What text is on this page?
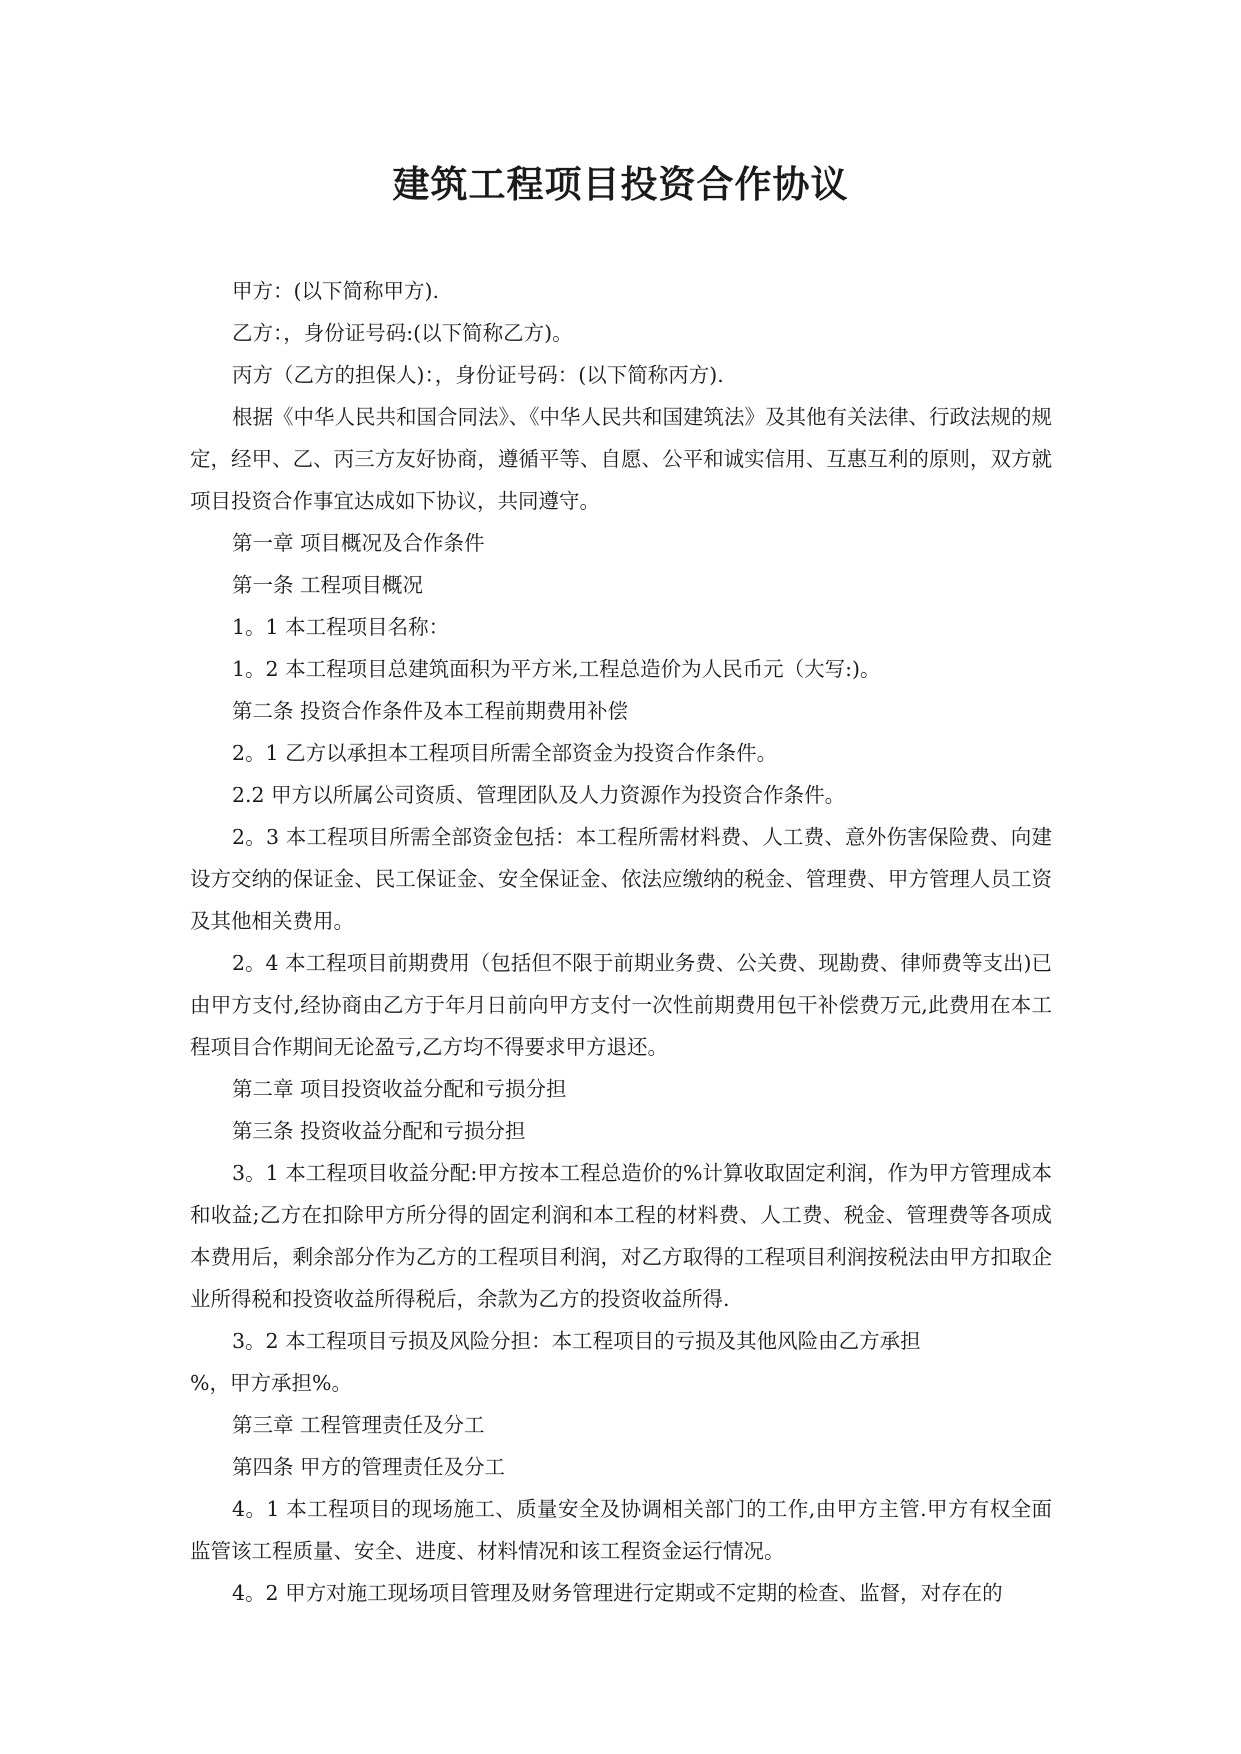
建筑工程项目投资合作协议

甲方：(以下简称甲方).

乙方：，身份证号码:(以下简称乙方)。

丙方（乙方的担保人)：，身份证号码：(以下简称丙方).

根据《中华人民共和国合同法》、《中华人民共和国建筑法》及其他有关法律、行政法规的规定，经甲、乙、丙三方友好协商，遵循平等、自愿、公平和诚实信用、互惠互利的原则，双方就项目投资合作事宜达成如下协议，共同遵守。

第一章 项目概况及合作条件

第一条 工程项目概况

1。1 本工程项目名称：

1。2 本工程项目总建筑面积为平方米,工程总造价为人民币元（大写:)。

第二条 投资合作条件及本工程前期费用补偿

2。1 乙方以承担本工程项目所需全部资金为投资合作条件。

2.2 甲方以所属公司资质、管理团队及人力资源作为投资合作条件。

2。3 本工程项目所需全部资金包括：本工程所需材料费、人工费、意外伤害保险费、向建设方交纳的保证金、民工保证金、安全保证金、依法应缴纳的税金、管理费、甲方管理人员工资及其他相关费用。

2。4 本工程项目前期费用（包括但不限于前期业务费、公关费、现勘费、律师费等支出)已由甲方支付,经协商由乙方于年月日前向甲方支付一次性前期费用包干补偿费万元,此费用在本工程项目合作期间无论盈亏,乙方均不得要求甲方退还。

第二章 项目投资收益分配和亏损分担

第三条 投资收益分配和亏损分担

3。1 本工程项目收益分配:甲方按本工程总造价的%计算收取固定利润，作为甲方管理成本和收益;乙方在扣除甲方所分得的固定利润和本工程的材料费、人工费、税金、管理费等各项成本费用后，剩余部分作为乙方的工程项目利润，对乙方取得的工程项目利润按税法由甲方扣取企业所得税和投资收益所得税后，余款为乙方的投资收益所得.

3。2 本工程项目亏损及风险分担：本工程项目的亏损及其他风险由乙方承担

%，甲方承担%。

第三章 工程管理责任及分工

第四条 甲方的管理责任及分工

4。1 本工程项目的现场施工、质量安全及协调相关部门的工作,由甲方主管.甲方有权全面监管该工程质量、安全、进度、材料情况和该工程资金运行情况。

4。2 甲方对施工现场项目管理及财务管理进行定期或不定期的检查、监督，对存在的
